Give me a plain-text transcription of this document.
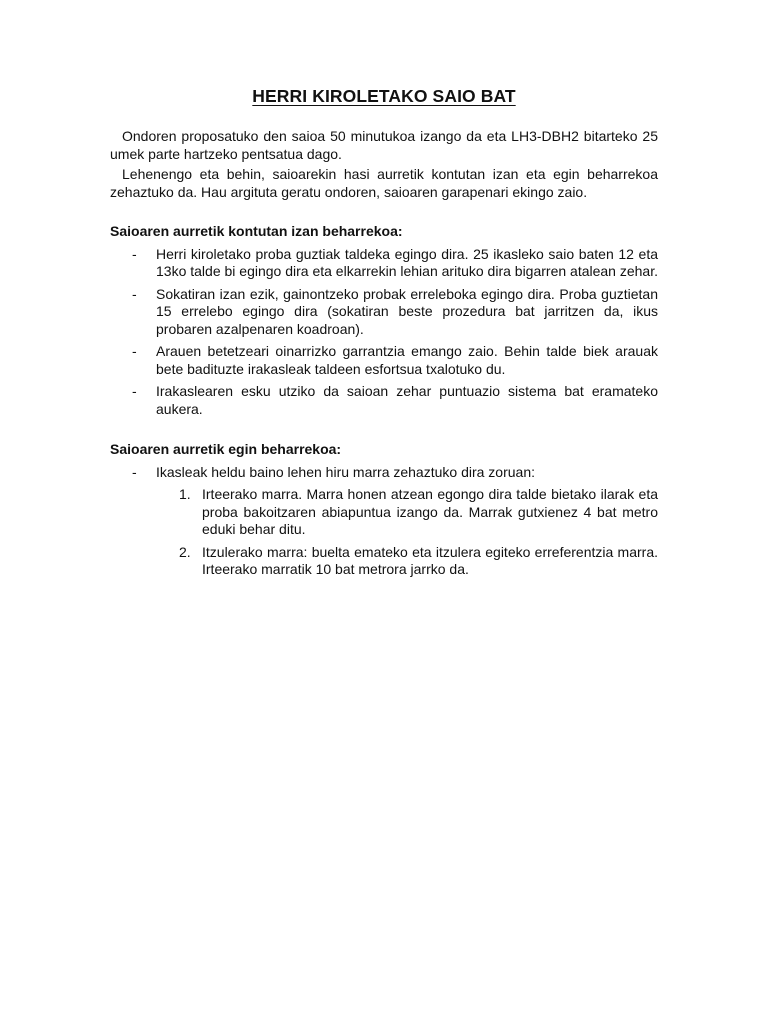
HERRI KIROLETAKO SAIO BAT

Ondoren proposatuko den saioa 50 minutukoa izango da eta LH3-DBH2 bitarteko 25 umek parte hartzeko pentsatua dago.

Lehenengo eta behin, saioarekin hasi aurretik kontutan izan eta egin beharrekoa zehaztuko da. Hau argituta geratu ondoren, saioaren garapenari ekingo zaio.

Saioaren aurretik kontutan izan beharrekoa:

- Herri kiroletako proba guztiak taldeka egingo dira. 25 ikasleko saio baten 12 eta 13ko talde bi egingo dira eta elkarrekin lehian arituko dira bigarren atalean zehar.
- Sokatiran izan ezik, gainontzeko probak erreleboka egingo dira. Proba guztietan 15 errelebo egingo dira (sokatiran beste prozedura bat jarritzen da, ikus probaren azalpenaren koadroan).
- Arauen betetzeari oinarrizko garrantzia emango zaio. Behin talde biek arauak bete badituzte irakasleak taldeen esfortsua txalotuko du.
- Irakaslearen esku utziko da saioan zehar puntuazio sistema bat eramateko aukera.

Saioaren aurretik egin beharrekoa:

- Ikasleak heldu baino lehen hiru marra zehaztuko dira zoruan:
1. Irteerako marra. Marra honen atzean egongo dira talde bietako ilarak eta proba bakoitzaren abiapuntua izango da. Marrak gutxienez 4 bat metro eduki behar ditu.
2. Itzulerako marra: buelta emateko eta itzulera egiteko erreferentzia marra. Irteerako marratik 10 bat metrora jarrko da.
